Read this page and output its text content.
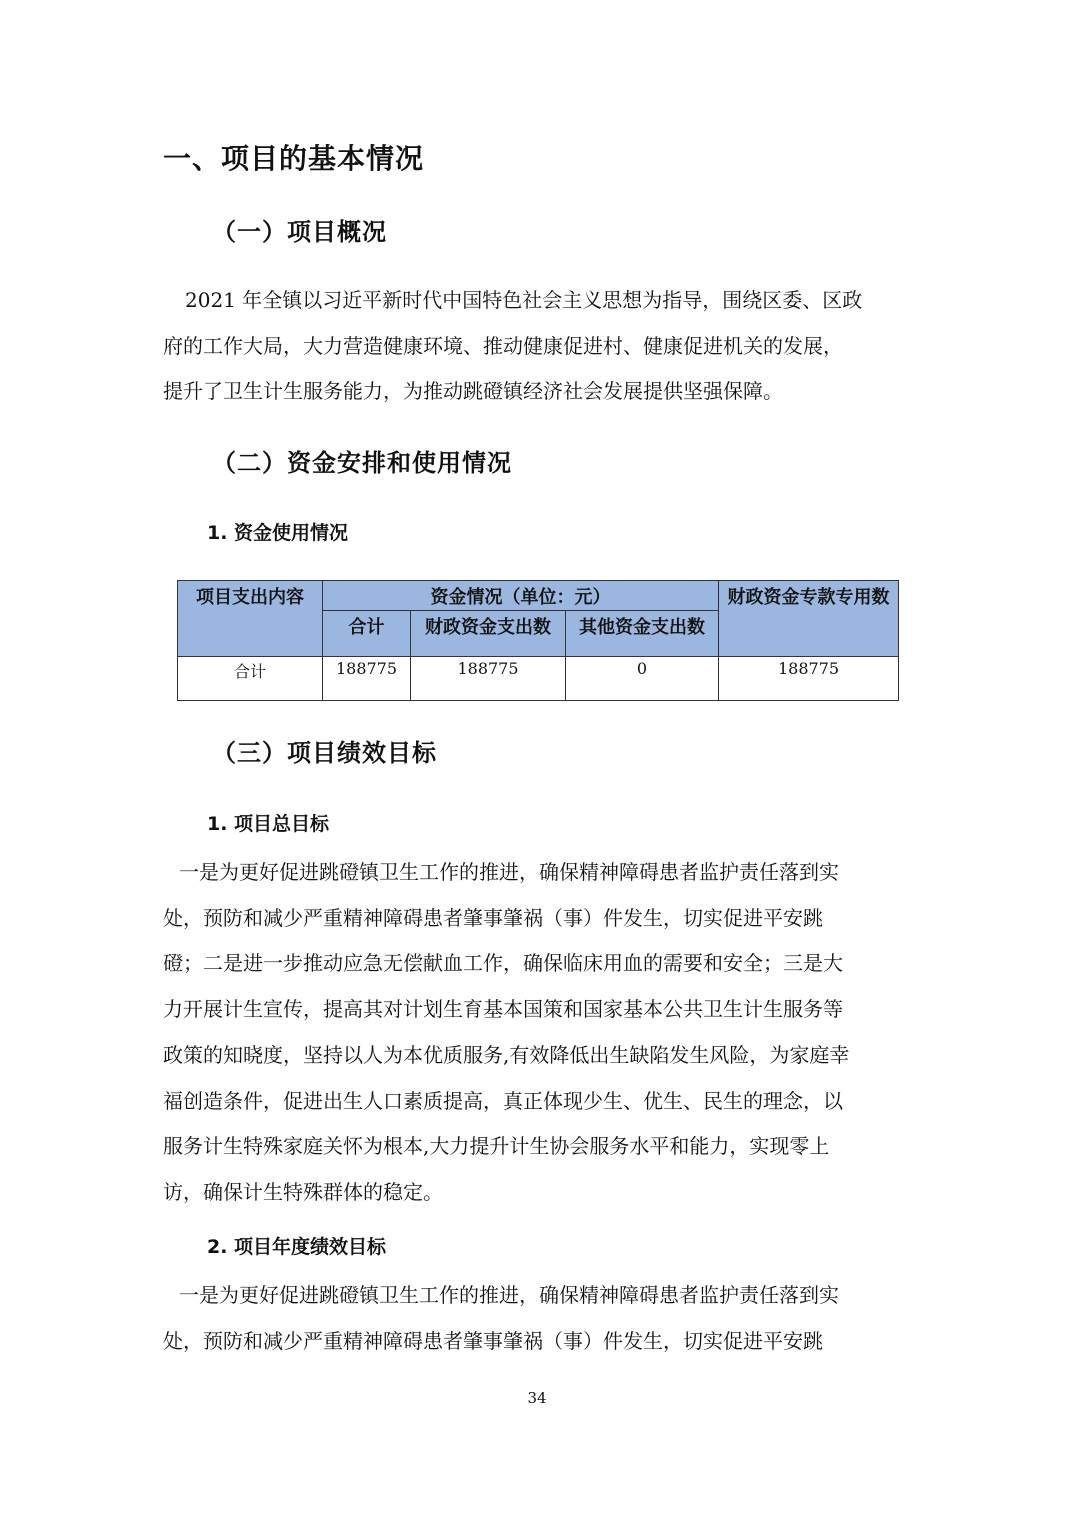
一、项目的基本情况
（一）项目概况
2021 年全镇以习近平新时代中国特色社会主义思想为指导，围绕区委、区政
府的工作大局，大力营造健康环境、推动健康促进村、健康促进机关的发展，
提升了卫生计生服务能力，为推动跳磴镇经济社会发展提供坚强保障。
（二）资金安排和使用情况
1. 资金使用情况
项目支出内容	资金情况（单位：元）			财政资金专款专用数
	合计	财政资金支出数	其他资金支出数	
合计	188775	188775	0	188775
（三）项目绩效目标
1. 项目总目标
一是为更好促进跳磴镇卫生工作的推进，确保精神障碍患者监护责任落到实
处，预防和减少严重精神障碍患者肇事肇祸（事）件发生，切实促进平安跳
磴；二是进一步推动应急无偿献血工作，确保临床用血的需要和安全；三是大
力开展计生宣传，提高其对计划生育基本国策和国家基本公共卫生计生服务等
政策的知晓度，坚持以人为本优质服务,有效降低出生缺陷发生风险，为家庭幸
福创造条件，促进出生人口素质提高，真正体现少生、优生、民生的理念，以
服务计生特殊家庭关怀为根本,大力提升计生协会服务水平和能力，实现零上
访，确保计生特殊群体的稳定。
2. 项目年度绩效目标
一是为更好促进跳磴镇卫生工作的推进，确保精神障碍患者监护责任落到实
处，预防和减少严重精神障碍患者肇事肇祸（事）件发生，切实促进平安跳
34
